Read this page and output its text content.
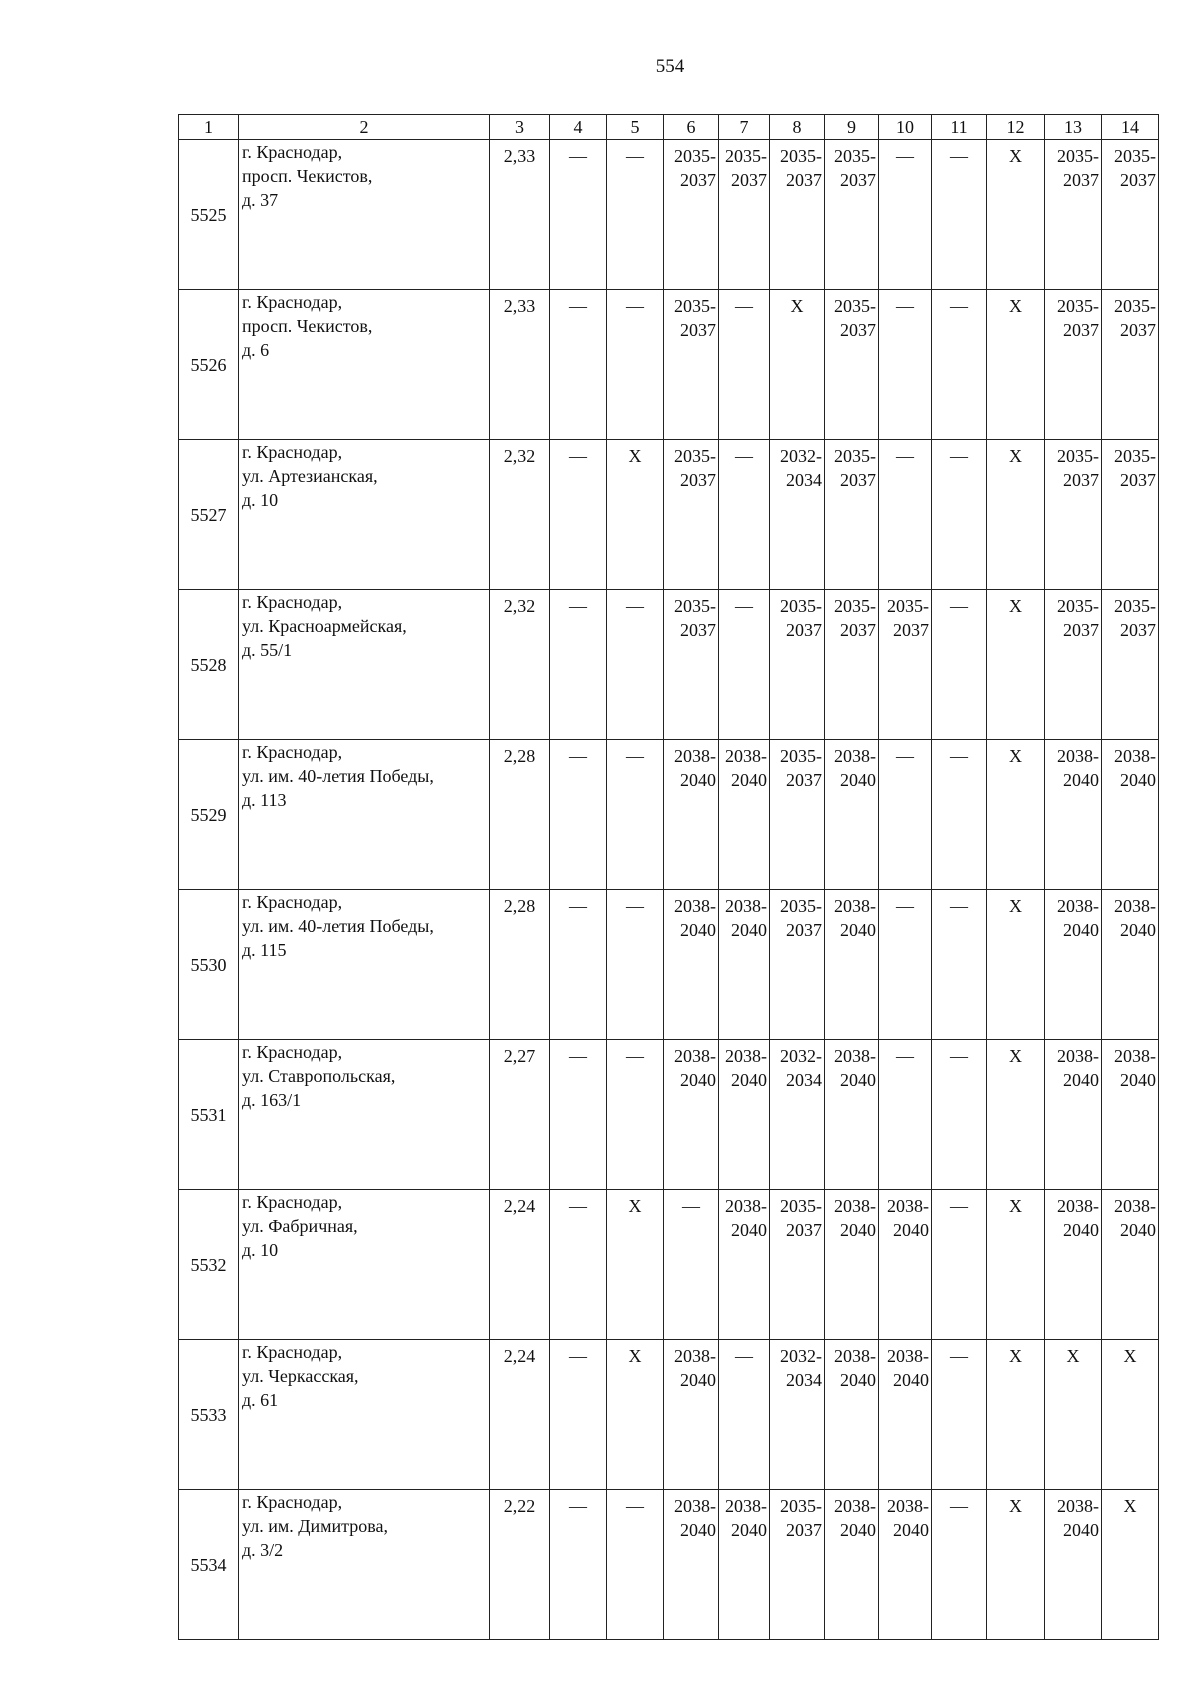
554
1	2	3	4	5	6	7	8	9	10	11	12	13	14
5525	г. Краснодар,
просп. Чекистов,
д. 37	2,33	—	—	2035-
2037	2035-
2037	2035-
2037	2035-
2037	—	—	Х	2035-
2037	2035-
2037

5526	г. Краснодар,
просп. Чекистов,
д. 6	2,33	—	—	2035-
2037	—	Х	2035-
2037	—	—	Х	2035-
2037	2035-
2037

5527	г. Краснодар,
ул. Артезианская,
д. 10	2,32	—	Х	2035-
2037	—	2032-
2034	2035-
2037	—	—	Х	2035-
2037	2035-
2037

5528	г. Краснодар,
ул. Красноармейская,
д. 55/1	2,32	—	—	2035-
2037	—	2035-
2037	2035-
2037	2035-
2037	—	Х	2035-
2037	2035-
2037

5529	г. Краснодар,
ул. им. 40-летия Победы,
д. 113	2,28	—	—	2038-
2040	2038-
2040	2035-
2037	2038-
2040	—	—	Х	2038-
2040	2038-
2040

5530	г. Краснодар,
ул. им. 40-летия Победы,
д. 115	2,28	—	—	2038-
2040	2038-
2040	2035-
2037	2038-
2040	—	—	Х	2038-
2040	2038-
2040

5531	г. Краснодар,
ул. Ставропольская,
д. 163/1	2,27	—	—	2038-
2040	2038-
2040	2032-
2034	2038-
2040	—	—	Х	2038-
2040	2038-
2040

5532	г. Краснодар,
ул. Фабричная,
д. 10	2,24	—	Х	—	2038-
2040	2035-
2037	2038-
2040	2038-
2040	—	Х	2038-
2040	2038-
2040

5533	г. Краснодар,
ул. Черкасская,
д. 61	2,24	—	Х	2038-
2040	—	2032-
2034	2038-
2040	2038-
2040	—	Х	Х	Х
5534	г. Краснодар,
ул. им. Димитрова,
д. 3/2	2,22	—	—	2038-
2040	2038-
2040	2035-
2037	2038-
2040	2038-
2040	—	Х	2038-
2040	Х
